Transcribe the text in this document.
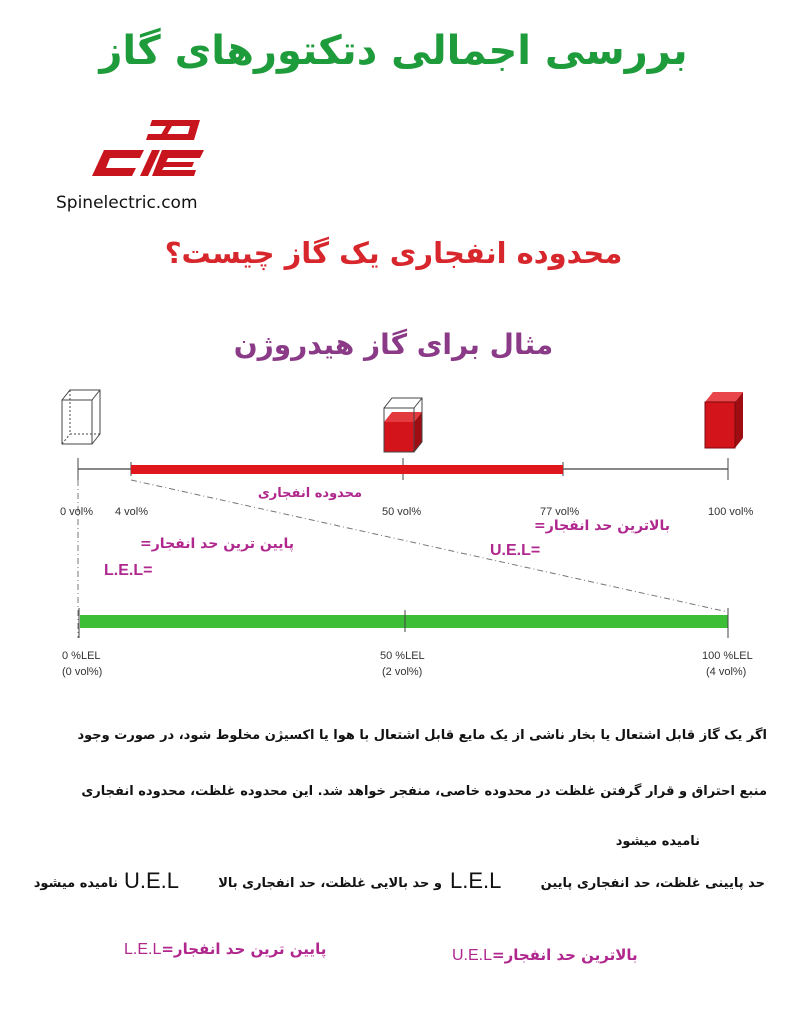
بررسی اجمالی دتکتورهای گاز
Spinelectric.com
محدوده انفجاری یک گاز چیست؟
مثال برای گاز هیدروژن
0 vol% 4 vol%	50 vol%	77 vol%	100 vol%
محدوده انفجاری
پایین ترین حد انفجار=
L.E.L=
بالاترین حد انفجار=
U.E.L=
0 %LEL
(0 vol%)
50 %LEL
(2 vol%)
100 %LEL
(4 vol%)
اگر یک گاز قابل اشتعال یا بخار ناشی از یک مایع قابل اشتعال با هوا یا اکسیژن مخلوط شود، در صورت وجود
منبع احتراق و قرار گرفتن غلظت در محدوده خاصی، منفجر خواهد شد. این محدوده غلظت، محدوده انفجاری
نامیده میشود
حد پایینی غلظت، حد انفجاری پایین
L.E.L
و حد بالایی غلظت، حد انفجاری بالا
U.E.L
نامیده میشود
L.E.Lپایین ترین حد انفجار=	U.E.Lبالاترین حد انفجار=
